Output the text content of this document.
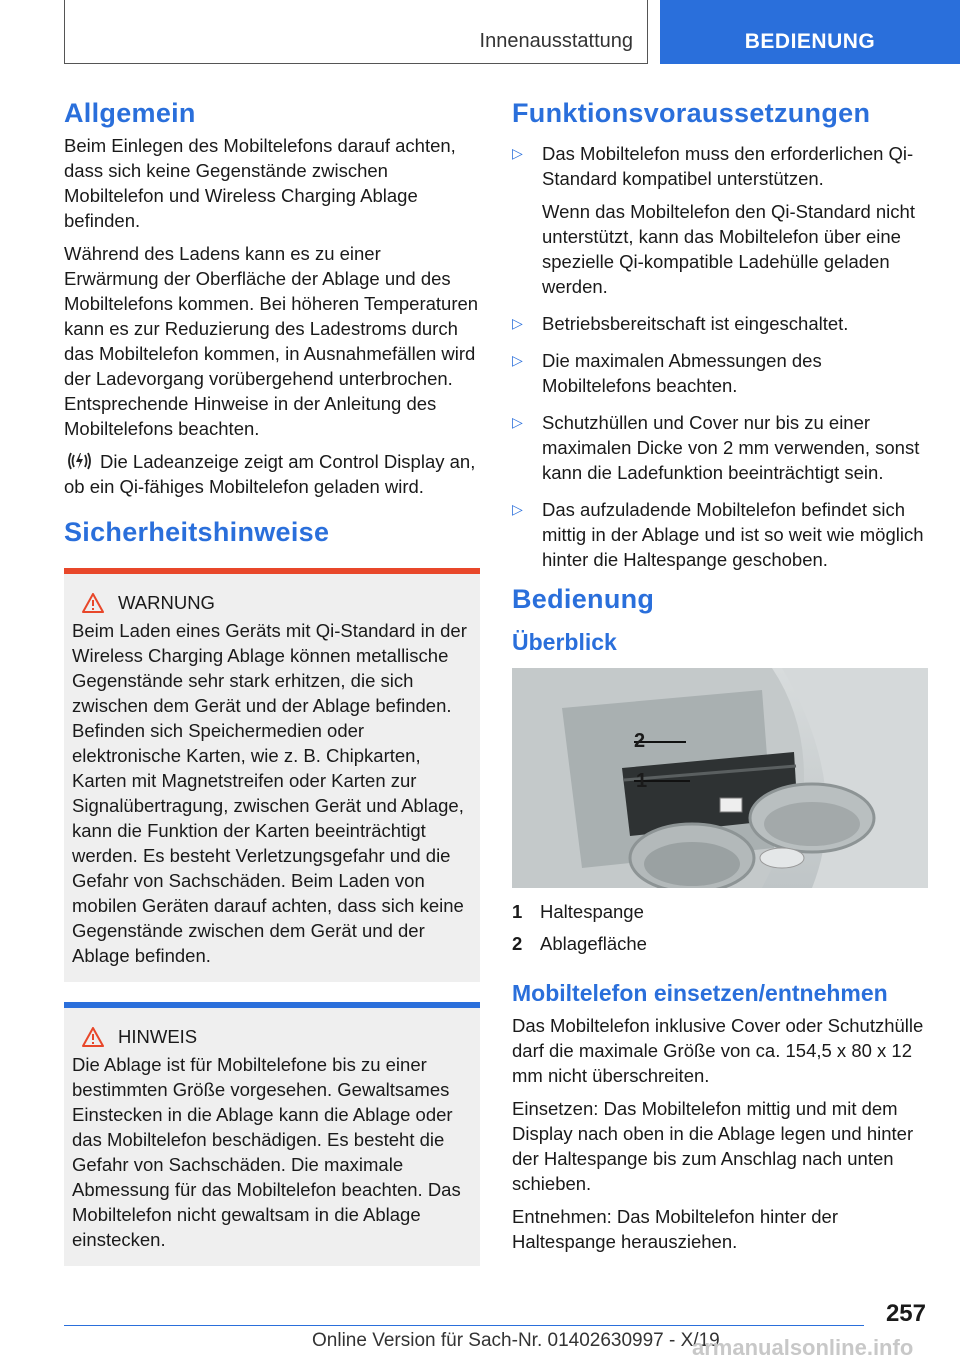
Innenausstattung	BEDIENUNG
Allgemein

Beim Einlegen des Mobiltelefons darauf achten, dass sich keine Gegenstände zwischen Mobiltelefon und Wireless Charging Ablage befinden.

Während des Ladens kann es zu einer Erwärmung der Oberfläche der Ablage und des Mobiltelefons kommen. Bei höheren Temperaturen kann es zur Reduzierung des Ladestroms durch das Mobiltelefon kommen, in Ausnahmefällen wird der Ladevorgang vorübergehend unterbrochen. Entsprechende Hinweise in der Anleitung des Mobiltelefons beachten.

Die Ladeanzeige zeigt am Control Display an, ob ein Qi-fähiges Mobiltelefon geladen wird.
Sicherheitshinweise
WARNUNG

Beim Laden eines Geräts mit Qi-Standard in der Wireless Charging Ablage können metallische Gegenstände sehr stark erhitzen, die sich zwischen dem Gerät und der Ablage befinden. Befinden sich Speichermedien oder elektronische Karten, wie z. B. Chipkarten, Karten mit Magnetstreifen oder Karten zur Signalübertragung, zwischen Gerät und Ablage, kann die Funktion der Karten beeinträchtigt werden. Es besteht Verletzungsgefahr und die Gefahr von Sachschäden. Beim Laden von mobilen Geräten darauf achten, dass sich keine Gegenstände zwischen dem Gerät und der Ablage befinden.

HINWEIS

Die Ablage ist für Mobiltelefone bis zu einer bestimmten Größe vorgesehen. Gewaltsames Einstecken in die Ablage kann die Ablage oder das Mobiltelefon beschädigen. Es besteht die Gefahr von Sachschäden. Die maximale Abmessung für das Mobiltelefon beachten. Das Mobiltelefon nicht gewaltsam in die Ablage einstecken.

Funktionsvoraussetzungen
▷ Das Mobiltelefon muss den erforderlichen Qi-Standard kompatibel unterstützen.
Wenn das Mobiltelefon den Qi-Standard nicht unterstützt, kann das Mobiltelefon über eine spezielle Qi-kompatible Ladehülle geladen werden.
▷ Betriebsbereitschaft ist eingeschaltet.
▷ Die maximalen Abmessungen des Mobiltelefons beachten.
▷ Schutzhüllen und Cover nur bis zu einer maximalen Dicke von 2 mm verwenden, sonst kann die Ladefunktion beeinträchtigt sein.
▷ Das aufzuladende Mobiltelefon befindet sich mittig in der Ablage und ist so weit wie möglich hinter die Haltespange geschoben.
Bedienung
Überblick
2
1
1 Haltespange
2 Ablagefläche
Mobiltelefon einsetzen/entnehmen

Das Mobiltelefon inklusive Cover oder Schutzhülle darf die maximale Größe von ca. 154,5 x 80 x 12 mm nicht überschreiten.

Einsetzen: Das Mobiltelefon mittig und mit dem Display nach oben in die Ablage legen und hinter der Haltespange bis zum Anschlag nach unten schieben.

Entnehmen: Das Mobiltelefon hinter der Haltespange herausziehen.

257
Online Version für Sach-Nr. 01402630997 - X/19
armanualsonline.info
